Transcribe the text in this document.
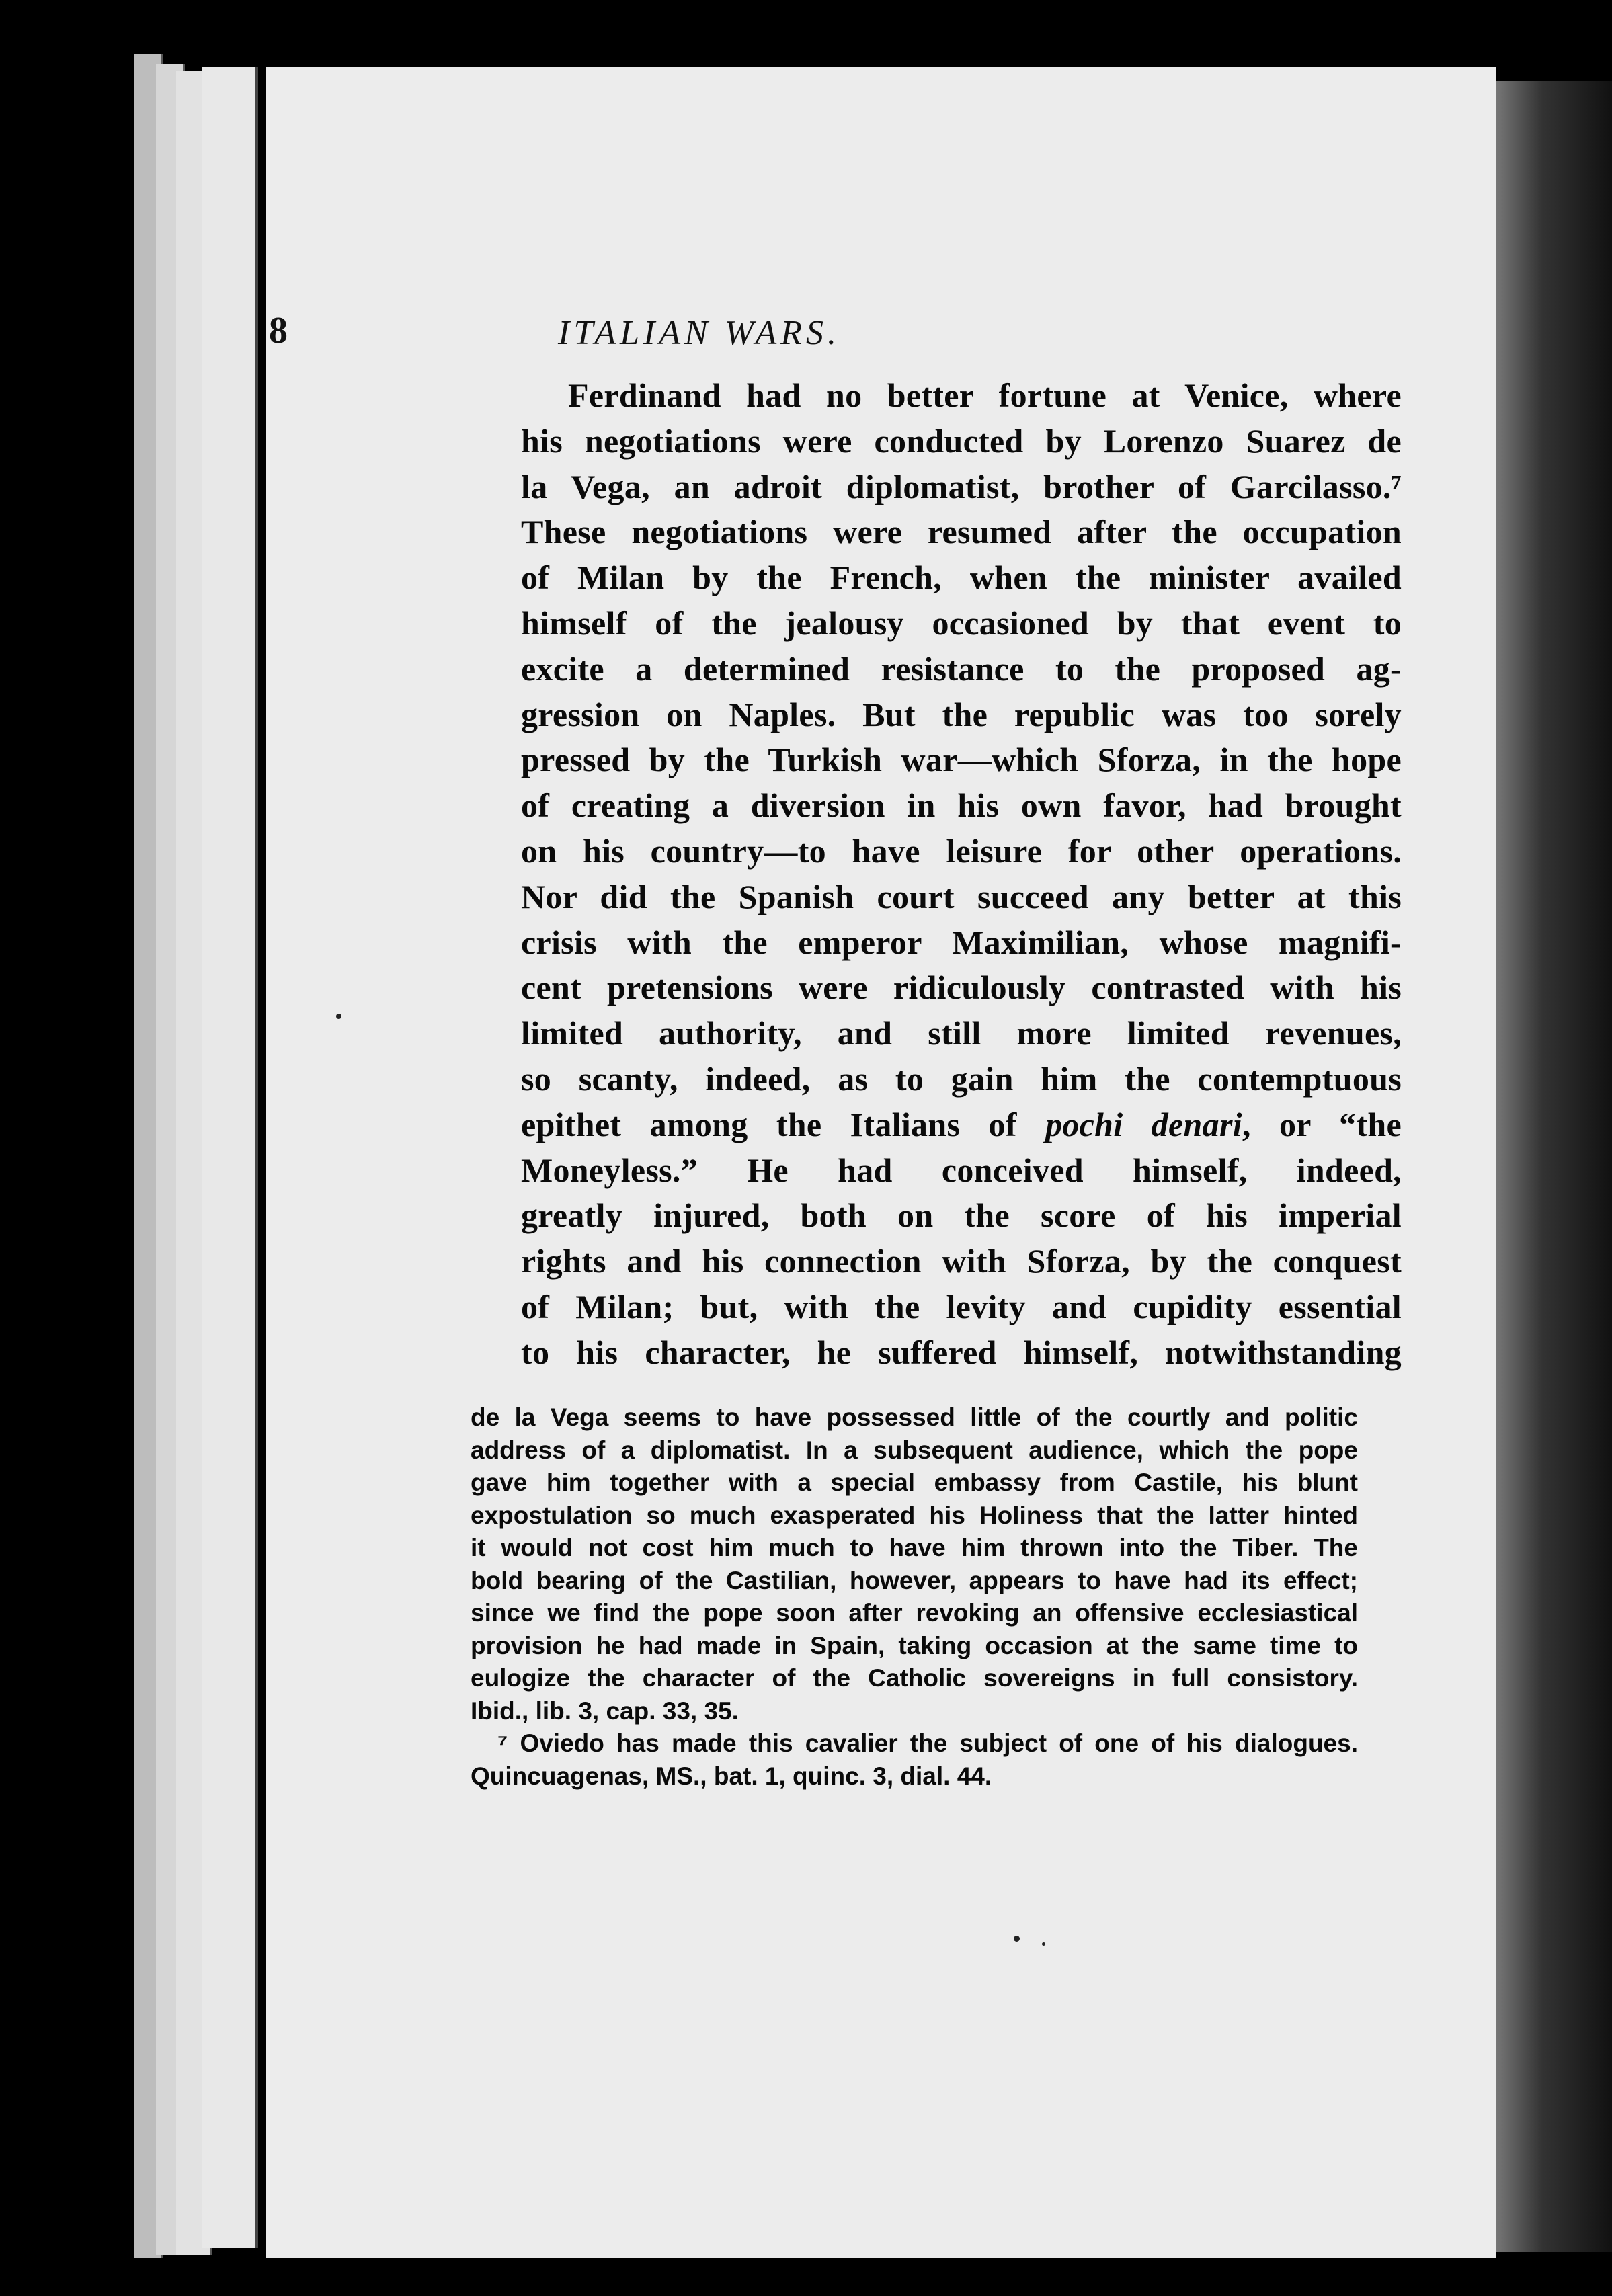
8	ITALIAN WARS.
Ferdinand had no better fortune at Venice, where
his negotiations were conducted by Lorenzo Suarez de
la Vega, an adroit diplomatist, brother of Garcilasso.⁷
These negotiations were resumed after the occupation
of Milan by the French, when the minister availed
himself of the jealousy occasioned by that event to
excite a determined resistance to the proposed ag-
gression on Naples. But the republic was too sorely
pressed by the Turkish war—which Sforza, in the hope
of creating a diversion in his own favor, had brought
on his country—to have leisure for other operations.
Nor did the Spanish court succeed any better at this
crisis with the emperor Maximilian, whose magnifi-
cent pretensions were ridiculously contrasted with his
limited authority, and still more limited revenues,
so scanty, indeed, as to gain him the contemptuous
epithet among the Italians of pochi denari, or “the
Moneyless.” He had conceived himself, indeed,
greatly injured, both on the score of his imperial
rights and his connection with Sforza, by the conquest
of Milan; but, with the levity and cupidity essential
to his character, he suffered himself, notwithstanding
de la Vega seems to have possessed little of the courtly and politic
address of a diplomatist. In a subsequent audience, which the pope
gave him together with a special embassy from Castile, his blunt
expostulation so much exasperated his Holiness that the latter hinted
it would not cost him much to have him thrown into the Tiber. The
bold bearing of the Castilian, however, appears to have had its effect;
since we find the pope soon after revoking an offensive ecclesiastical
provision he had made in Spain, taking occasion at the same time to
eulogize the character of the Catholic sovereigns in full consistory.
Ibid., lib. 3, cap. 33, 35.
⁷ Oviedo has made this cavalier the subject of one of his dialogues.
Quincuagenas, MS., bat. 1, quinc. 3, dial. 44.
